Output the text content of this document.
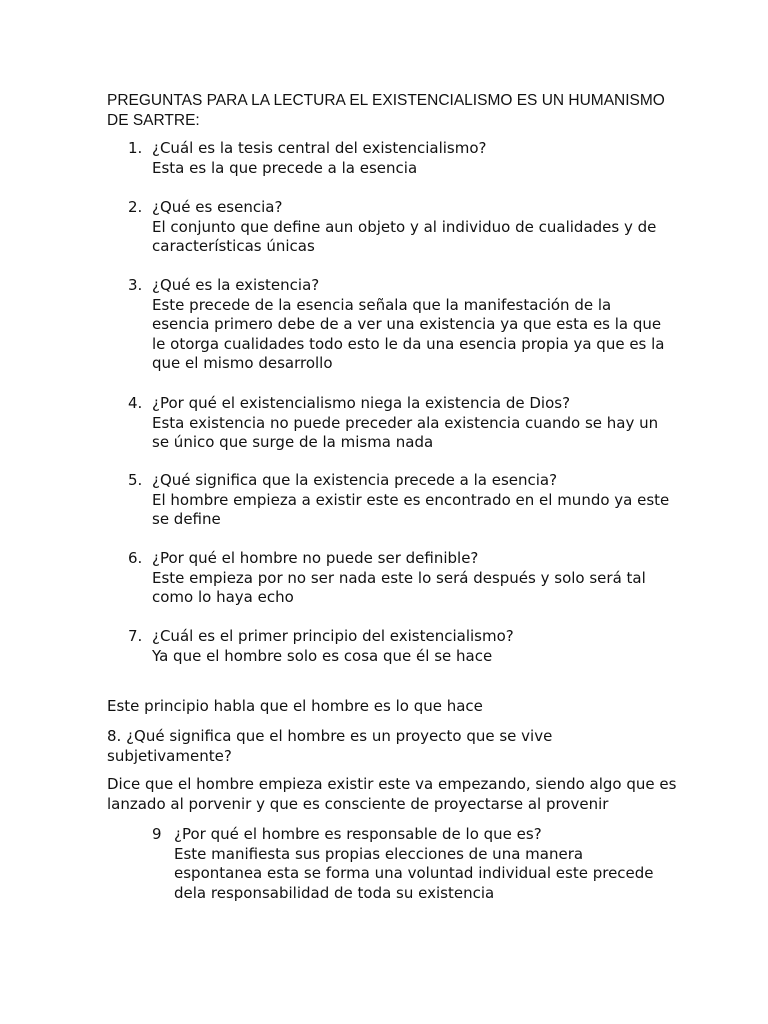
PREGUNTAS PARA LA LECTURA EL EXISTENCIALISMO ES UN HUMANISMO DE SARTRE:
1. ¿Cuál es la tesis central del existencialismo?
Esta es la que precede a la esencia
2. ¿Qué es esencia?
El conjunto que define aun objeto y al individuo de cualidades y de características únicas
3. ¿Qué es la existencia?
Este precede de la esencia señala que la manifestación de la esencia primero debe de a ver una existencia ya que esta es la que le otorga cualidades todo esto le da una esencia propia ya que es la que el mismo desarrollo
4. ¿Por qué el existencialismo niega la existencia de Dios?
Esta existencia no puede preceder ala existencia cuando se hay un se único que surge de la misma nada
5. ¿Qué significa que la existencia precede a la esencia?
El hombre empieza a existir este es encontrado en el mundo ya este se define
6. ¿Por qué el hombre no puede ser definible?
Este empieza por no ser nada este lo será después y solo será tal como lo haya echo
7. ¿Cuál es el primer principio del existencialismo?
Ya que el hombre solo es cosa que él se hace
Este principio habla que el hombre es lo que hace
8. ¿Qué significa que el hombre es un proyecto que se vive subjetivamente?
Dice que el hombre empieza existir este va empezando, siendo algo que es lanzado al porvenir y que es consciente de proyectarse al provenir
9 ¿Por qué el hombre es responsable de lo que es?
Este manifiesta sus propias elecciones de una manera espontanea esta se forma una voluntad individual este precede dela responsabilidad de toda su existencia
